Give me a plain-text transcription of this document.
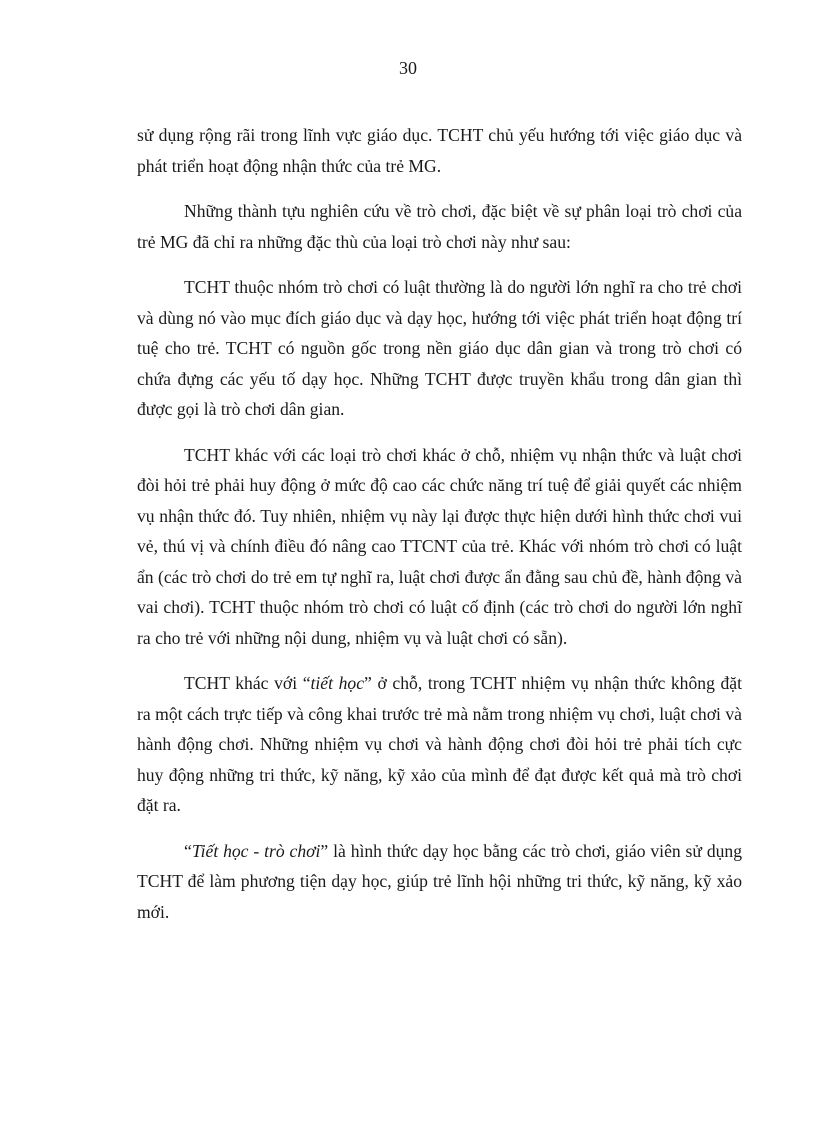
30

sử dụng rộng rãi trong lĩnh vực giáo dục. TCHT chủ yếu hướng tới việc giáo dục và phát triển hoạt động nhận thức của trẻ MG.

Những thành tựu nghiên cứu về trò chơi, đặc biệt về sự phân loại trò chơi của trẻ MG đã chỉ ra những đặc thù của loại trò chơi này như sau:

TCHT thuộc nhóm trò chơi có luật thường là do người lớn nghĩ ra cho trẻ chơi và dùng nó vào mục đích giáo dục và dạy học, hướng tới việc phát triển hoạt động trí tuệ cho trẻ. TCHT có nguồn gốc trong nền giáo dục dân gian và trong trò chơi có chứa đựng các yếu tố dạy học. Những TCHT được truyền khẩu trong dân gian thì được gọi là trò chơi dân gian.

TCHT khác với các loại trò chơi khác ở chỗ, nhiệm vụ nhận thức và luật chơi đòi hỏi trẻ phải huy động ở mức độ cao các chức năng trí tuệ để giải quyết các nhiệm vụ nhận thức đó. Tuy nhiên, nhiệm vụ này lại được thực hiện dưới hình thức chơi vui vẻ, thú vị và chính điều đó nâng cao TTCNT của trẻ. Khác với nhóm trò chơi có luật ẩn (các trò chơi do trẻ em tự nghĩ ra, luật chơi được ẩn đằng sau chủ đề, hành động và vai chơi). TCHT thuộc nhóm trò chơi có luật cố định (các trò chơi do người lớn nghĩ ra cho trẻ với những nội dung, nhiệm vụ và luật chơi có sẵn).

TCHT khác với “tiết học” ở chỗ, trong TCHT nhiệm vụ nhận thức không đặt ra một cách trực tiếp và công khai trước trẻ mà nằm trong nhiệm vụ chơi, luật chơi và hành động chơi. Những nhiệm vụ chơi và hành động chơi đòi hỏi trẻ phải tích cực huy động những tri thức, kỹ năng, kỹ xảo của mình để đạt được kết quả mà trò chơi đặt ra.

“Tiết học - trò chơi” là hình thức dạy học bằng các trò chơi, giáo viên sử dụng TCHT để làm phương tiện dạy học, giúp trẻ lĩnh hội những tri thức, kỹ năng, kỹ xảo mới.
